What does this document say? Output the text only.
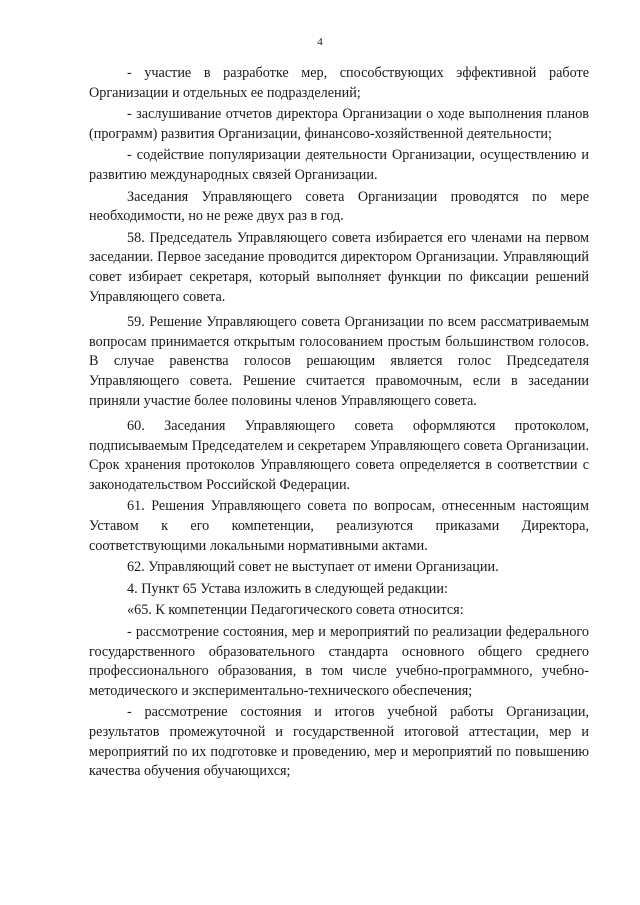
4

- участие в разработке мер, способствующих эффективной работе Организации и отдельных ее подразделений;

- заслушивание отчетов директора Организации о ходе выполнения планов (программ) развития Организации, финансово-хозяйственной деятельности;

- содействие популяризации деятельности Организации, осуществлению и развитию международных связей Организации.

Заседания Управляющего совета Организации проводятся по мере необходимости, но не реже двух раз в год.

58. Председатель Управляющего совета избирается его членами на первом заседании. Первое заседание проводится директором Организации. Управляющий совет избирает секретаря, который выполняет функции по фиксации решений Управляющего совета.

59. Решение Управляющего совета Организации по всем рассматриваемым вопросам принимается открытым голосованием простым большинством голосов. В случае равенства голосов решающим является голос Председателя Управляющего совета. Решение считается правомочным, если в заседании приняли участие более половины членов Управляющего совета.

60. Заседания Управляющего совета оформляются протоколом, подписываемым Председателем и секретарем Управляющего совета Организации. Срок хранения протоколов Управляющего совета определяется в соответствии с законодательством Российской Федерации.

61. Решения Управляющего совета по вопросам, отнесенным настоящим Уставом к его компетенции, реализуются приказами Директора, соответствующими локальными нормативными актами.

62. Управляющий совет не выступает от имени Организации.

4. Пункт 65 Устава изложить в следующей редакции:

«65. К компетенции Педагогического совета относится:

- рассмотрение состояния, мер и мероприятий по реализации федерального государственного образовательного стандарта основного общего среднего профессионального образования, в том числе учебно-программного, учебно-методического и экспериментально-технического обеспечения;

- рассмотрение состояния и итогов учебной работы Организации, результатов промежуточной и государственной итоговой аттестации, мер и мероприятий по их подготовке и проведению, мер и мероприятий по повышению качества обучения обучающихся;
